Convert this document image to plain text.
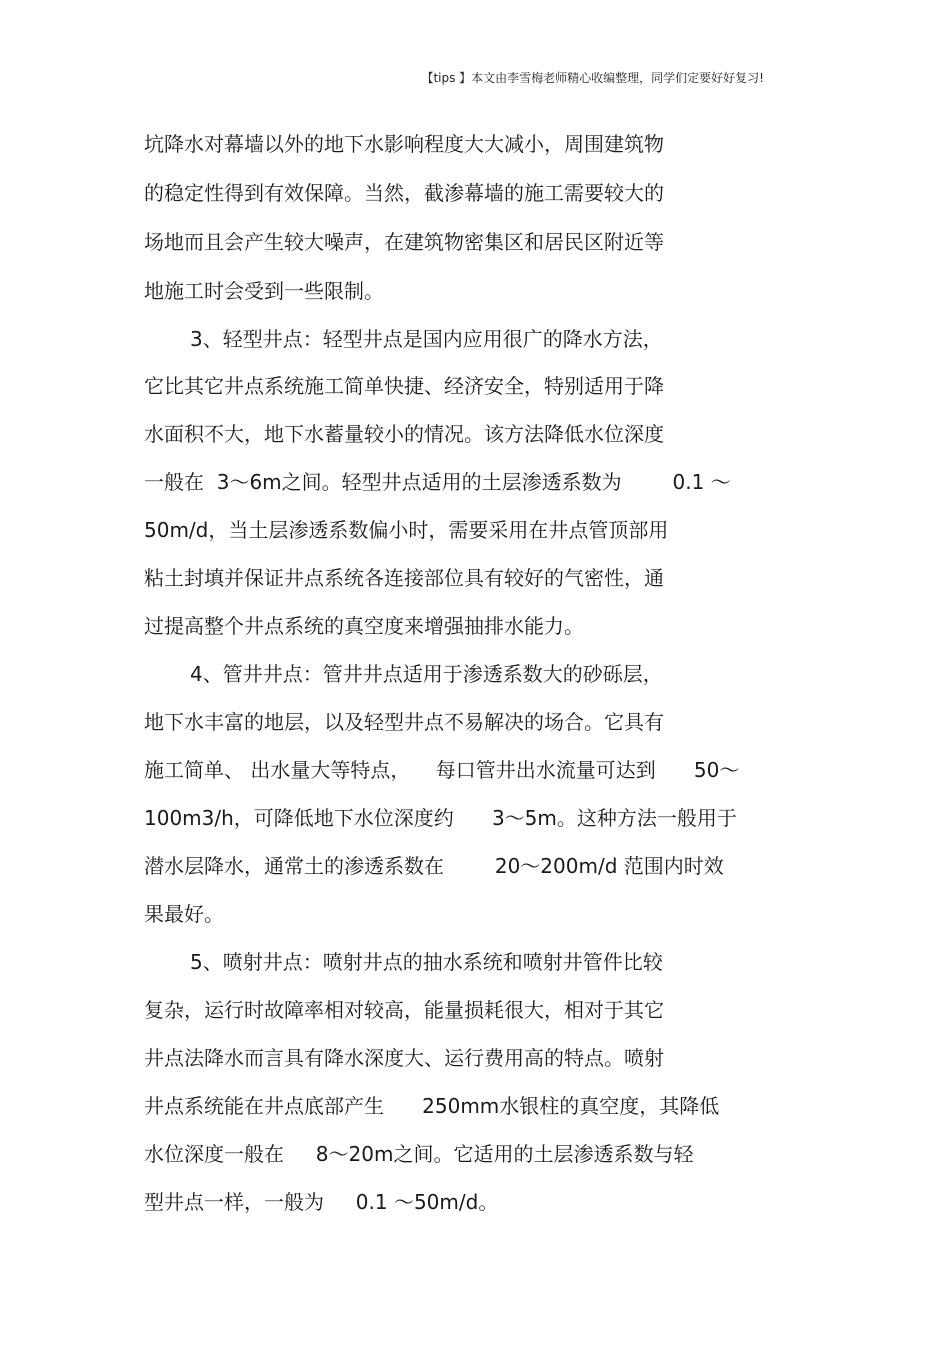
【tips 】本文由李雪梅老师精心收编整理，同学们定要好好复习!
坑降水对幕墙以外的地下水影响程度大大减小，周围建筑物
的稳定性得到有效保障。当然，截渗幕墙的施工需要较大的
场地而且会产生较大噪声，在建筑物密集区和居民区附近等
地施工时会受到一些限制。
3、轻型井点：轻型井点是国内应用很广的降水方法，
它比其它井点系统施工简单快捷、经济安全，特别适用于降
水面积不大，地下水蓄量较小的情况。该方法降低水位深度
一般在  3～6m之间。轻型井点适用的土层渗透系数为        0.1 ～
50m/d，当土层渗透系数偏小时，需要采用在井点管顶部用
粘土封填并保证井点系统各连接部位具有较好的气密性，通
过提高整个井点系统的真空度来增强抽排水能力。
4、管井井点：管井井点适用于渗透系数大的砂砾层，
地下水丰富的地层，以及轻型井点不易解决的场合。它具有
施工简单、 出水量大等特点，    每口管井出水流量可达到      50～
100m3/h，可降低地下水位深度约      3～5m。这种方法一般用于
潜水层降水，通常土的渗透系数在        20～200m/d 范围内时效
果最好。
5、喷射井点：喷射井点的抽水系统和喷射井管件比较
复杂，运行时故障率相对较高，能量损耗很大，相对于其它
井点法降水而言具有降水深度大、运行费用高的特点。喷射
井点系统能在井点底部产生      250mm水银柱的真空度，其降低
水位深度一般在     8～20m之间。它适用的土层渗透系数与轻
型井点一样，一般为     0.1 ～50m/d。
